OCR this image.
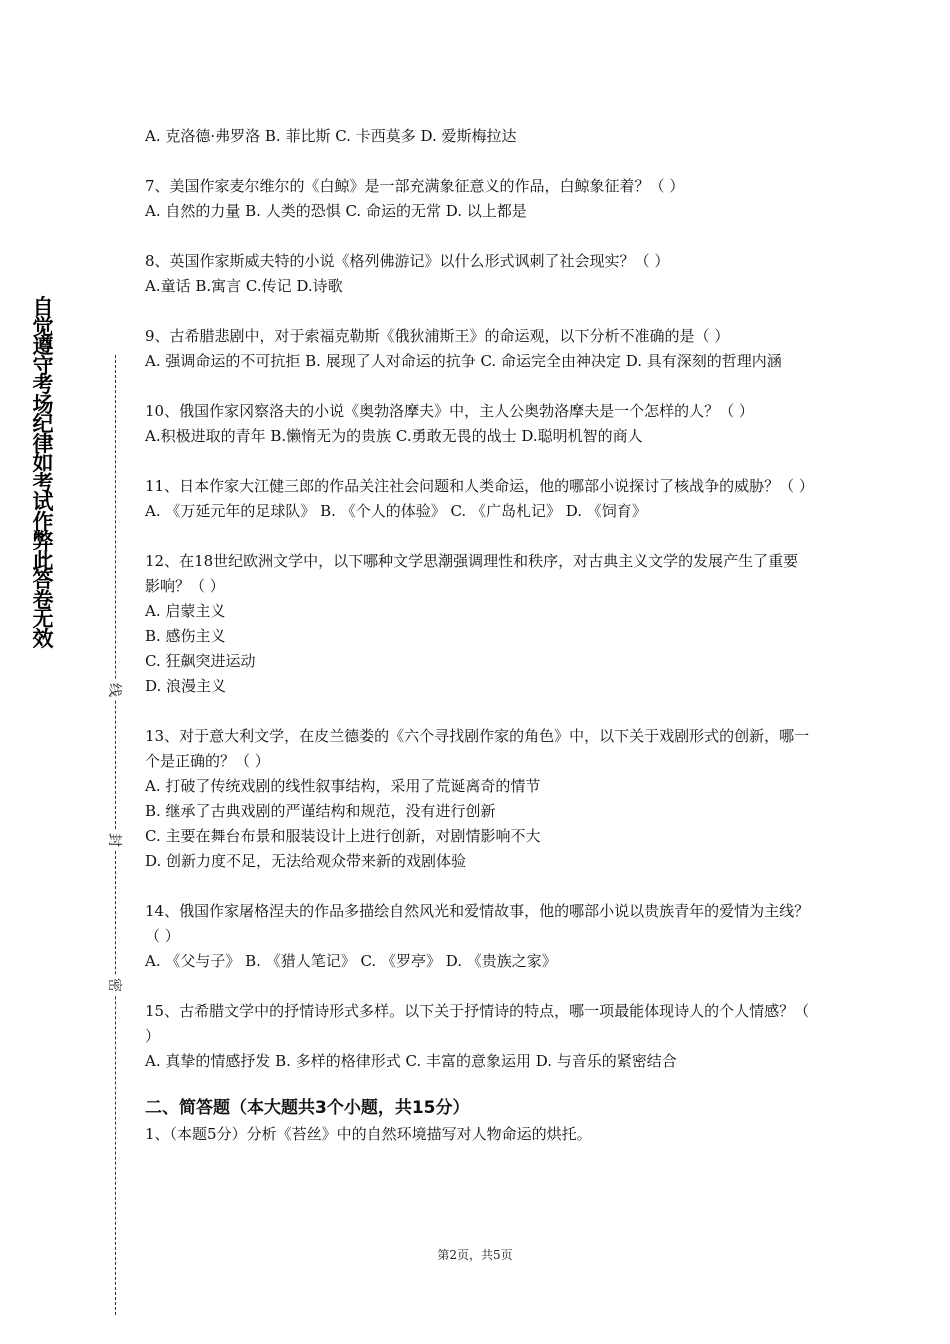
自觉遵守考场纪律如考试作弊此答卷无效
线
封
密
A. 克洛德·弗罗洛 B. 菲比斯 C. 卡西莫多 D. 爱斯梅拉达
7、美国作家麦尔维尔的《白鲸》是一部充满象征意义的作品，白鲸象征着？（ ）
A. 自然的力量 B. 人类的恐惧 C. 命运的无常 D. 以上都是
8、英国作家斯威夫特的小说《格列佛游记》以什么形式讽刺了社会现实？（ ）
A.童话 B.寓言 C.传记 D.诗歌
9、古希腊悲剧中，对于索福克勒斯《俄狄浦斯王》的命运观，以下分析不准确的是（ ）
A. 强调命运的不可抗拒 B. 展现了人对命运的抗争 C. 命运完全由神决定 D. 具有深刻的哲理内涵
10、俄国作家冈察洛夫的小说《奥勃洛摩夫》中，主人公奥勃洛摩夫是一个怎样的人？（ ）
A.积极进取的青年 B.懒惰无为的贵族 C.勇敢无畏的战士 D.聪明机智的商人
11、日本作家大江健三郎的作品关注社会问题和人类命运，他的哪部小说探讨了核战争的威胁？（ ）
A. 《万延元年的足球队》 B. 《个人的体验》 C. 《广岛札记》 D. 《饲育》
12、在18世纪欧洲文学中，以下哪种文学思潮强调理性和秩序，对古典主义文学的发展产生了重要影响？（ ）
A. 启蒙主义
B. 感伤主义
C. 狂飙突进运动
D. 浪漫主义
13、对于意大利文学，在皮兰德娄的《六个寻找剧作家的角色》中，以下关于戏剧形式的创新，哪一个是正确的？（ ）
A. 打破了传统戏剧的线性叙事结构，采用了荒诞离奇的情节
B. 继承了古典戏剧的严谨结构和规范，没有进行创新
C. 主要在舞台布景和服装设计上进行创新，对剧情影响不大
D. 创新力度不足，无法给观众带来新的戏剧体验
14、俄国作家屠格涅夫的作品多描绘自然风光和爱情故事，他的哪部小说以贵族青年的爱情为主线？（ ）
A. 《父与子》 B. 《猎人笔记》 C. 《罗亭》 D. 《贵族之家》
15、古希腊文学中的抒情诗形式多样。以下关于抒情诗的特点，哪一项最能体现诗人的个人情感？（ ）
A. 真挚的情感抒发 B. 多样的格律形式 C. 丰富的意象运用 D. 与音乐的紧密结合
二、简答题（本大题共3个小题，共15分）
1、（本题5分）分析《苔丝》中的自然环境描写对人物命运的烘托。
第2页，共5页
